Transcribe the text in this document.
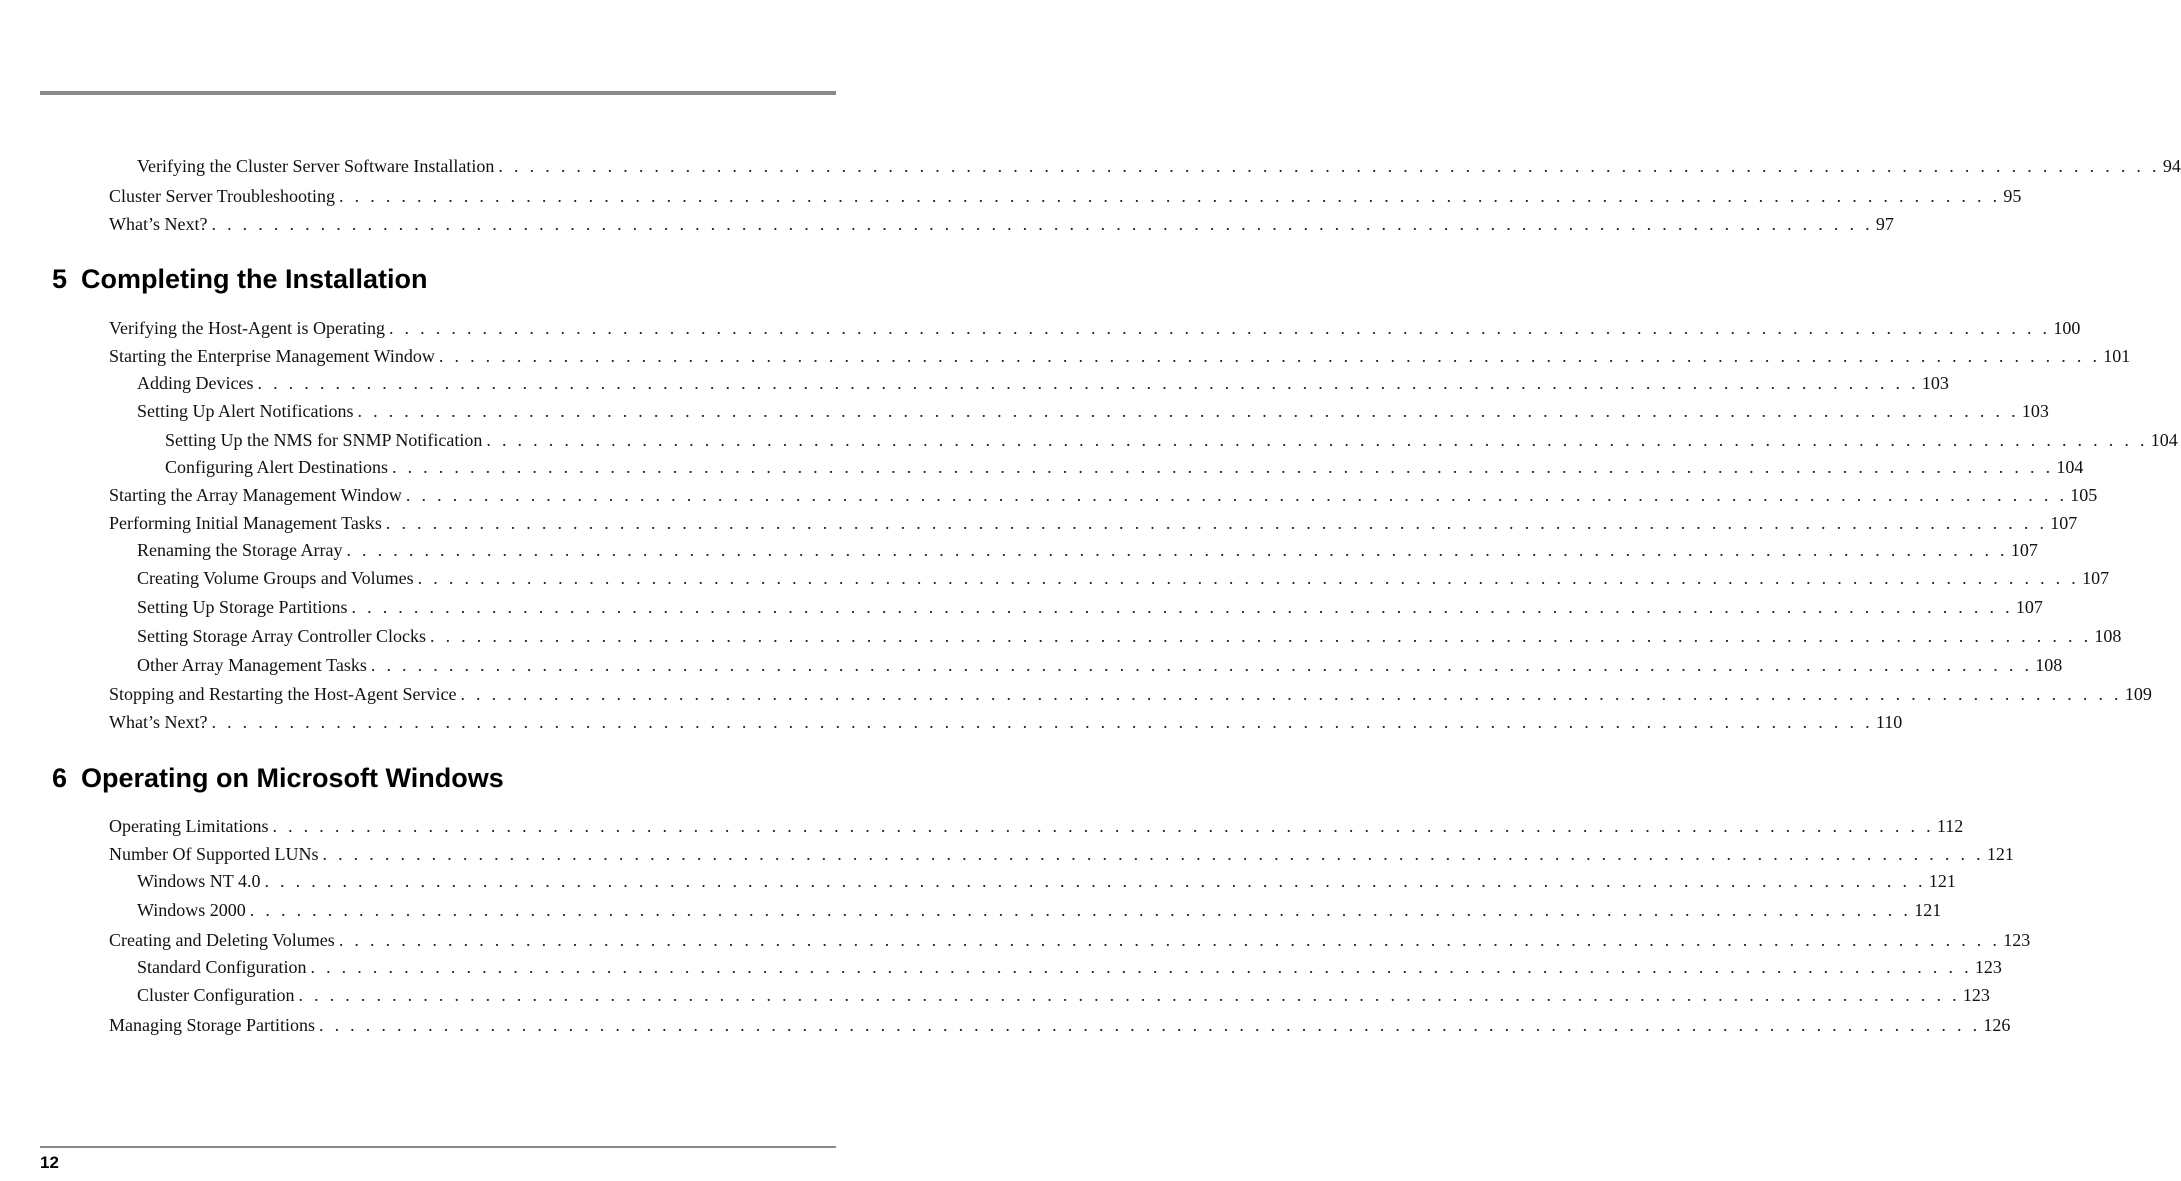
Verifying the Cluster Server Software Installation . . .	94
Cluster Server Troubleshooting . . .	95
What’s Next? . . .	97
5 Completing the Installation
Verifying the Host-Agent is Operating . . .	100
Starting the Enterprise Management Window . . .	101
Adding Devices . . .	103
Setting Up Alert Notifications . . .	103
Setting Up the NMS for SNMP Notification . . .	104
Configuring Alert Destinations . . .	104
Starting the Array Management Window . . .	105
Performing Initial Management Tasks . . .	107
Renaming the Storage Array . . .	107
Creating Volume Groups and Volumes . . .	107
Setting Up Storage Partitions . . .	107
Setting Storage Array Controller Clocks . . .	108
Other Array Management Tasks . . .	108
Stopping and Restarting the Host-Agent Service . . .	109
What’s Next? . . .	110
6 Operating on Microsoft Windows
Operating Limitations . . .	112
Number Of Supported LUNs . . .	121
Windows NT 4.0 . . .	121
Windows 2000 . . .	121
Creating and Deleting Volumes . . .	123
Standard Configuration . . .	123
Cluster Configuration . . .	123
Managing Storage Partitions . . .	126
12
